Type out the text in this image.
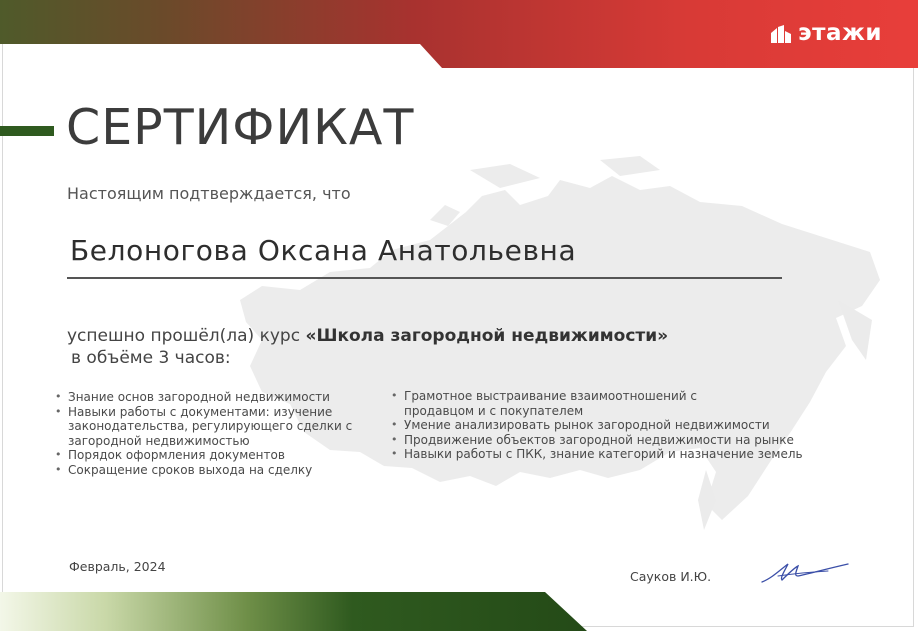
этажи
СЕРТИФИКАТ
Настоящим подтверждается, что
Белоногова Оксана Анатольевна
успешно прошёл(ла) курс «Школа загородной недвижимости»
в объёме 3 часов:
• Знание основ загородной недвижимости
• Навыки работы с документами: изучение законодательства, регулирующего сделки с загородной недвижимостью
• Порядок оформления документов
• Сокращение сроков выхода на сделку
• Грамотное выстраивание взаимоотношений с продавцом и с покупателем
• Умение анализировать рынок загородной недвижимости
• Продвижение объектов загородной недвижимости на рынке
• Навыки работы с ПКК, знание категорий и назначение земель
Февраль, 2024
Сауков И.Ю.
